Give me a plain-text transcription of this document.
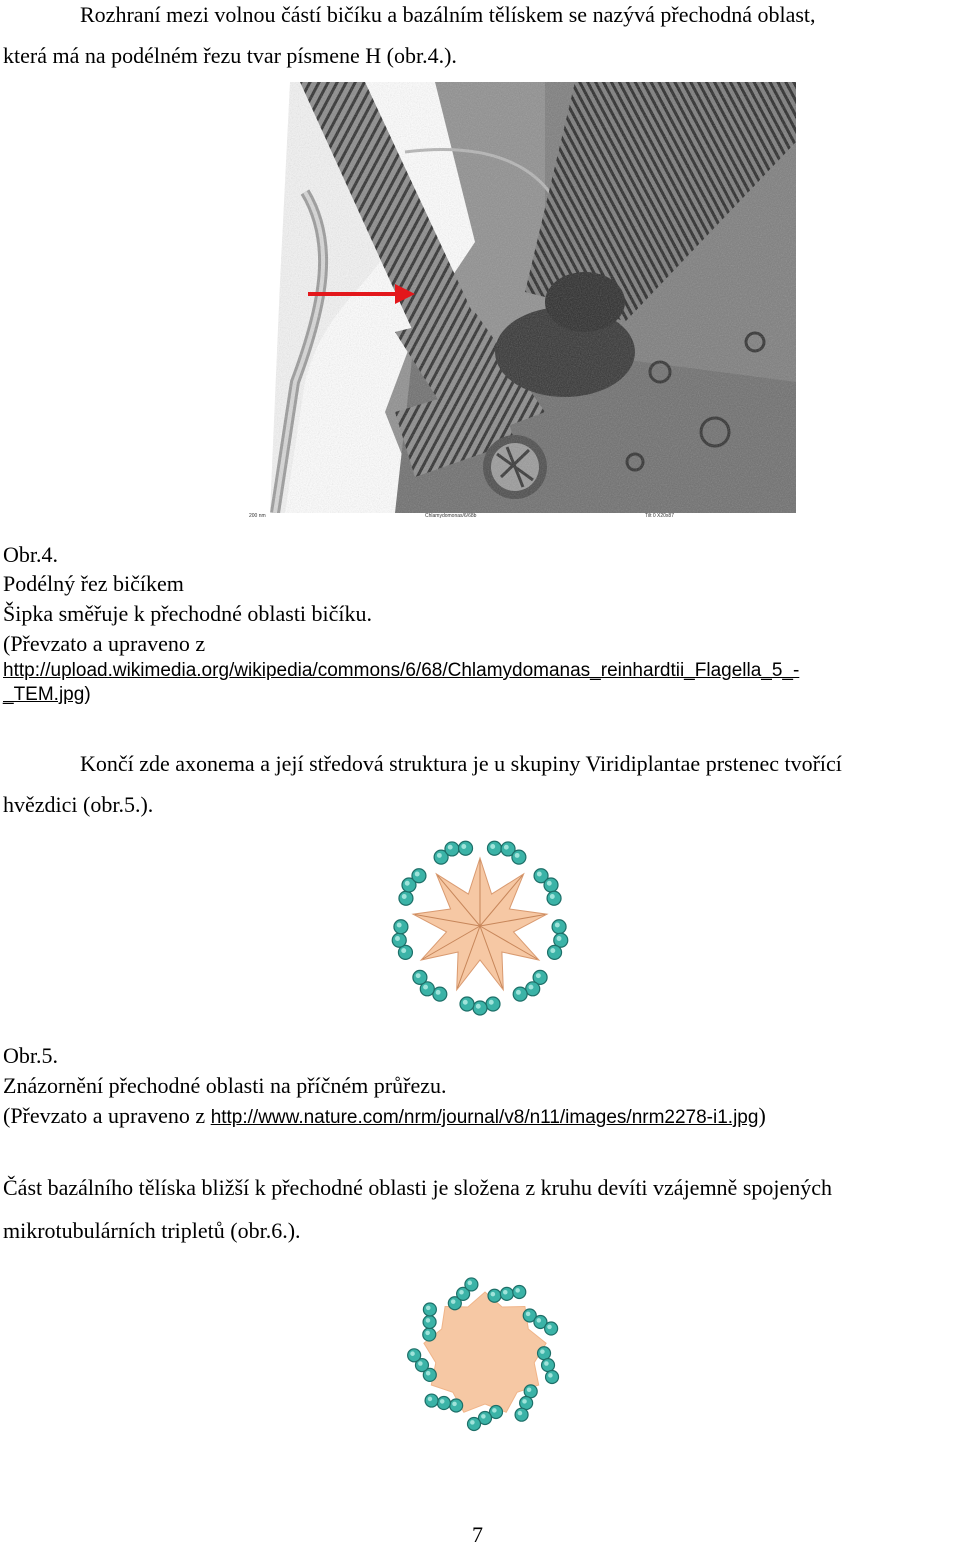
Rozhraní mezi volnou částí bičíku a bazálním tělískem se nazývá přechodná oblast,
která má na podélném řezu tvar písmene H (obr.4.).
200 nm	Chlamydomonas/6/68b	Tilt 0 X20x87
Obr.4.
Podélný řez bičíkem
Šipka směřuje k přechodné oblasti bičíku.
(Převzato a upraveno z
http://upload.wikimedia.org/wikipedia/commons/6/68/Chlamydomanas_reinhardtii_Flagella_5_-
_TEM.jpg)
Končí zde axonema a její středová struktura je u skupiny Viridiplantae prstenec tvořící
hvězdici (obr.5.).
Obr.5.
Znázornění přechodné oblasti na příčném průřezu.
(Převzato a upraveno z http://www.nature.com/nrm/journal/v8/n11/images/nrm2278-i1.jpg)
Část bazálního tělíska bližší k přechodné oblasti je složena z kruhu devíti vzájemně spojených
mikrotubulárních tripletů (obr.6.).
7
